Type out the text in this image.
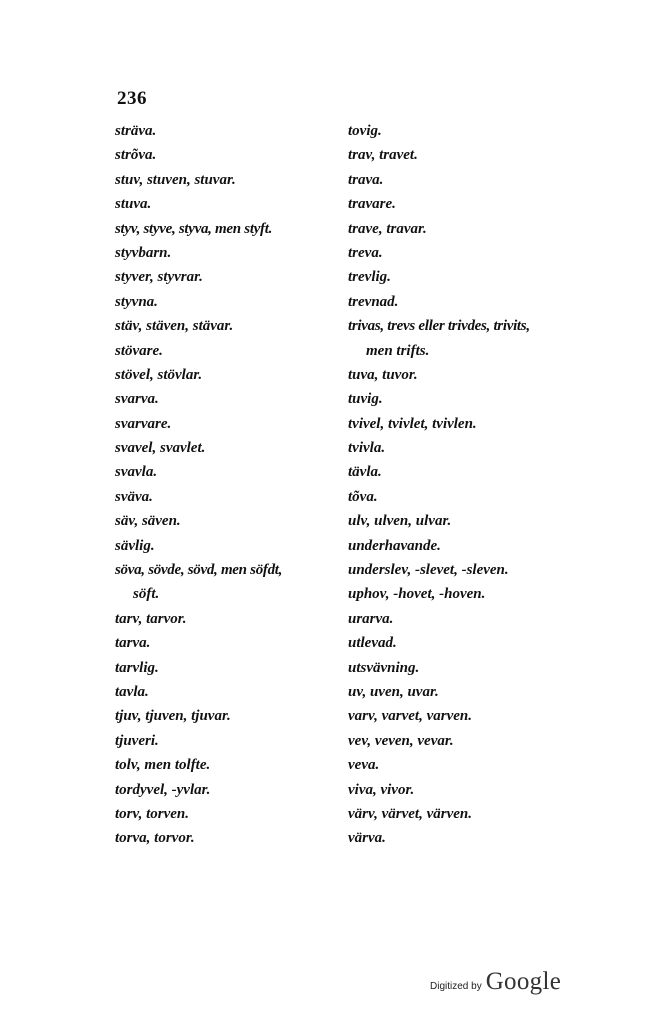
236
sträva.
strõva.
stuv, stuven, stuvar.
stuva.
styv, styve, styva, men styft.
styvbarn.
styver, styvrar.
styvna.
stäv, stäven, stävar.
stövare.
stövel, stövlar.
svarva.
svarvare.
svavel, svavlet.
svavla.
sväva.
säv, säven.
sävlig.
söva, sövde, sövd, men söfdt,
söft.
tarv, tarvor.
tarva.
tarvlig.
tavla.
tjuv, tjuven, tjuvar.
tjuveri.
tolv, men tolfte.
tordyvel, -yvlar.
torv, torven.
torva, torvor.
tovig.
trav, travet.
trava.
travare.
trave, travar.
treva.
trevlig.
trevnad.
trivas, trevs eller trivdes, trivits,
men trifts.
tuva, tuvor.
tuvig.
tvivel, tvivlet, tvivlen.
tvivla.
tävla.
tõva.
ulv, ulven, ulvar.
underhavande.
underslev, -slevet, -sleven.
uphov, -hovet, -hoven.
urarva.
utlevad.
utsvävning.
uv, uven, uvar.
varv, varvet, varven.
vev, veven, vevar.
veva.
viva, vivor.
värv, värvet, värven.
värva.
Digitized by Google
